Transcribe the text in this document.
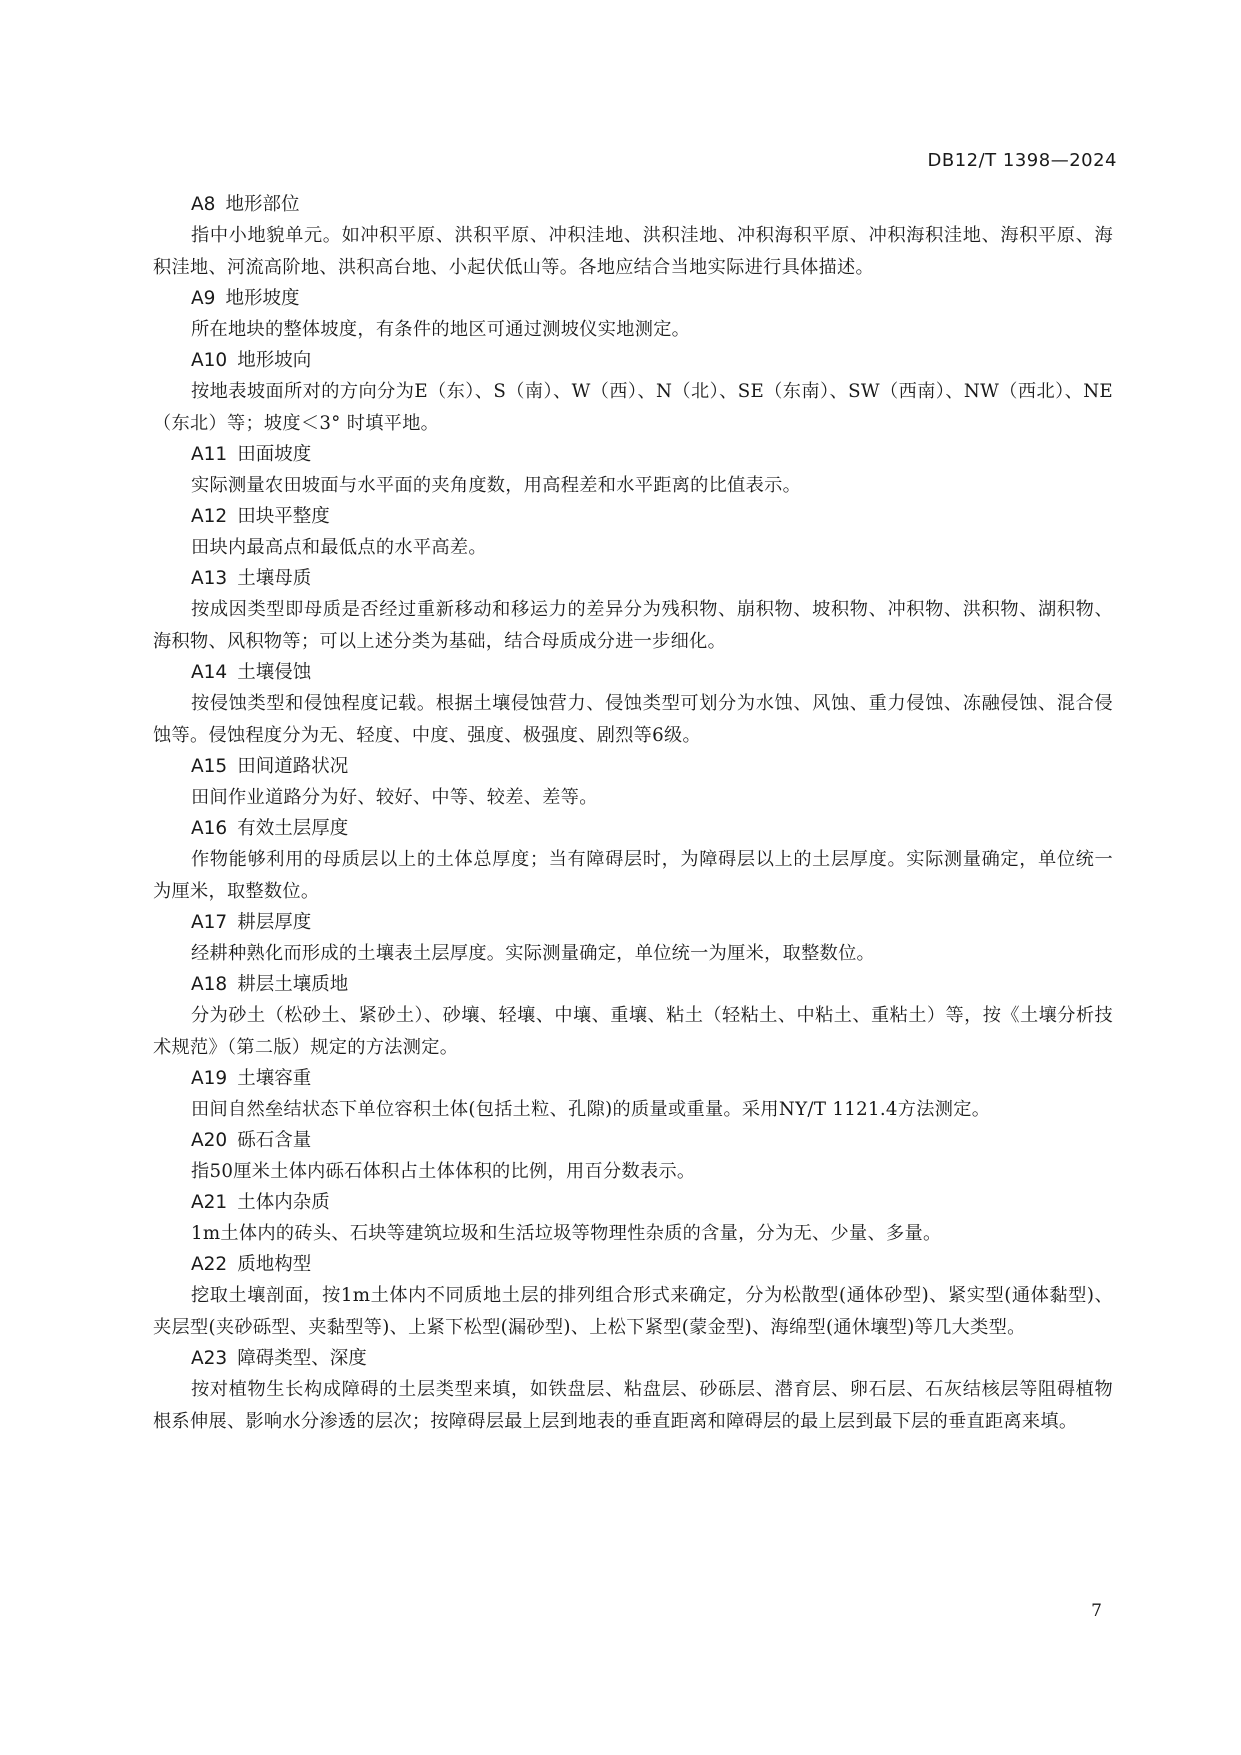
DB12/T 1398—2024
A8 地形部位

指中小地貌单元。如冲积平原、洪积平原、冲积洼地、洪积洼地、冲积海积平原、冲积海积洼地、海积平原、海积洼地、河流高阶地、洪积高台地、小起伏低山等。各地应结合当地实际进行具体描述。

A9 地形坡度

所在地块的整体坡度，有条件的地区可通过测坡仪实地测定。

A10 地形坡向

按地表坡面所对的方向分为E（东）、S（南）、W（西）、N（北）、SE（东南）、SW（西南）、NW（西北）、NE（东北）等；坡度＜3° 时填平地。

A11 田面坡度

实际测量农田坡面与水平面的夹角度数，用高程差和水平距离的比值表示。

A12 田块平整度

田块内最高点和最低点的水平高差。

A13 土壤母质

按成因类型即母质是否经过重新移动和移运力的差异分为残积物、崩积物、坡积物、冲积物、洪积物、湖积物、海积物、风积物等；可以上述分类为基础，结合母质成分进一步细化。

A14 土壤侵蚀

按侵蚀类型和侵蚀程度记载。根据土壤侵蚀营力、侵蚀类型可划分为水蚀、风蚀、重力侵蚀、冻融侵蚀、混合侵蚀等。侵蚀程度分为无、轻度、中度、强度、极强度、剧烈等6级。

A15 田间道路状况

田间作业道路分为好、较好、中等、较差、差等。

A16 有效土层厚度

作物能够利用的母质层以上的土体总厚度；当有障碍层时，为障碍层以上的土层厚度。实际测量确定，单位统一为厘米，取整数位。

A17 耕层厚度

经耕种熟化而形成的土壤表土层厚度。实际测量确定，单位统一为厘米，取整数位。

A18 耕层土壤质地

分为砂土（松砂土、紧砂土）、砂壤、轻壤、中壤、重壤、粘土（轻粘土、中粘土、重粘土）等，按《土壤分析技术规范》（第二版）规定的方法测定。

A19 土壤容重

田间自然垒结状态下单位容积土体(包括土粒、孔隙)的质量或重量。采用NY/T 1121.4方法测定。

A20 砾石含量

指50厘米土体内砾石体积占土体体积的比例，用百分数表示。

A21 土体内杂质

1m土体内的砖头、石块等建筑垃圾和生活垃圾等物理性杂质的含量，分为无、少量、多量。

A22 质地构型

挖取土壤剖面，按1m土体内不同质地土层的排列组合形式来确定，分为松散型(通体砂型)、紧实型(通体黏型)、夹层型(夹砂砾型、夹黏型等)、上紧下松型(漏砂型)、上松下紧型(蒙金型)、海绵型(通休壤型)等几大类型。

A23 障碍类型、深度

按对植物生长构成障碍的土层类型来填，如铁盘层、粘盘层、砂砾层、潜育层、卵石层、石灰结核层等阻碍植物根系伸展、影响水分渗透的层次；按障碍层最上层到地表的垂直距离和障碍层的最上层到最下层的垂直距离来填。

7
